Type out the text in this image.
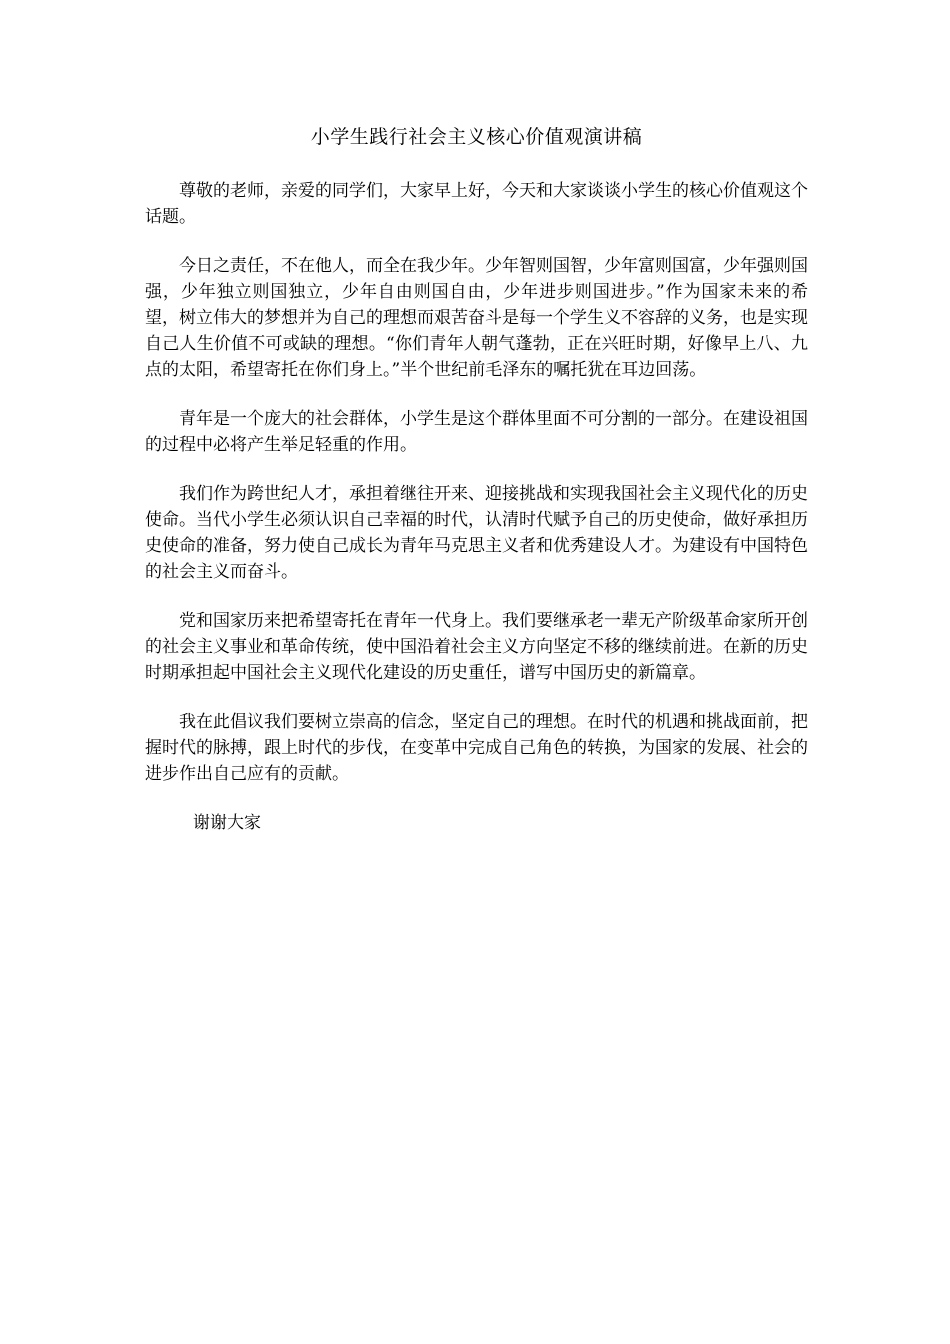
小学生践行社会主义核心价值观演讲稿

尊敬的老师，亲爱的同学们，大家早上好，今天和大家谈谈小学生的核心价值观这个话题。

今日之责任，不在他人，而全在我少年。少年智则国智，少年富则国富，少年强则国强，少年独立则国独立，少年自由则国自由，少年进步则国进步。”作为国家未来的希望，树立伟大的梦想并为自己的理想而艰苦奋斗是每一个学生义不容辞的义务，也是实现自己人生价值不可或缺的理想。“你们青年人朝气蓬勃，正在兴旺时期，好像早上八、九点的太阳，希望寄托在你们身上。”半个世纪前毛泽东的嘱托犹在耳边回荡。

青年是一个庞大的社会群体，小学生是这个群体里面不可分割的一部分。在建设祖国的过程中必将产生举足轻重的作用。

我们作为跨世纪人才，承担着继往开来、迎接挑战和实现我国社会主义现代化的历史使命。当代小学生必须认识自己幸福的时代，认清时代赋予自己的历史使命，做好承担历史使命的准备，努力使自己成长为青年马克思主义者和优秀建设人才。为建设有中国特色的社会主义而奋斗。

党和国家历来把希望寄托在青年一代身上。我们要继承老一辈无产阶级革命家所开创的社会主义事业和革命传统，使中国沿着社会主义方向坚定不移的继续前进。在新的历史时期承担起中国社会主义现代化建设的历史重任，谱写中国历史的新篇章。

我在此倡议我们要树立崇高的信念，坚定自己的理想。在时代的机遇和挑战面前，把握时代的脉搏，跟上时代的步伐，在变革中完成自己角色的转换，为国家的发展、社会的进步作出自己应有的贡献。

谢谢大家
